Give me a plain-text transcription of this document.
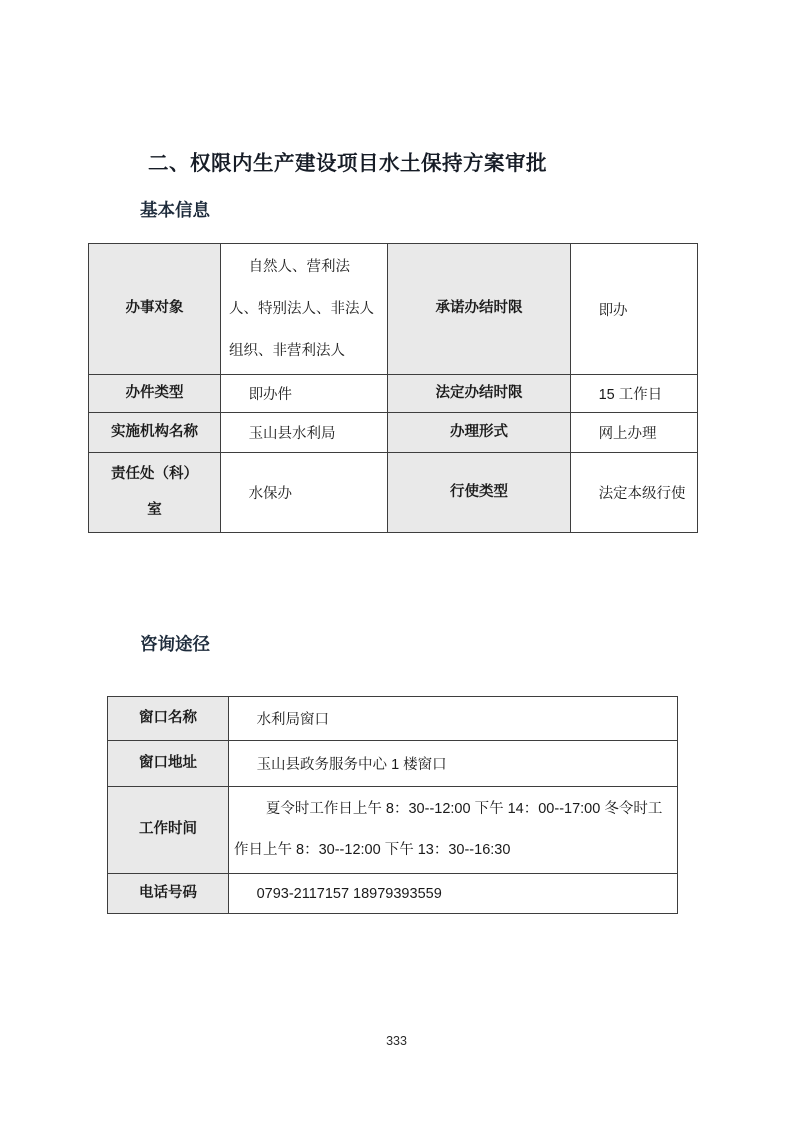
二、权限内生产建设项目水土保持方案审批
基本信息
办事对象	自然人、营利法人、特别法人、非法人组织、非营利法人	承诺办结时限	即办
办件类型	即办件	法定办结时限	15 工作日
实施机构名称	玉山县水利局	办理形式	网上办理
责任处（科）室	水保办	行使类型	法定本级行使
咨询途径
窗口名称	水利局窗口
窗口地址	玉山县政务服务中心 1 楼窗口
工作时间	夏令时工作日上午 8：30--12:00 下午 14：00--17:00 冬令时工作日上午 8：30--12:00 下午 13：30--16:30
电话号码	0793-2117157 18979393559
333
